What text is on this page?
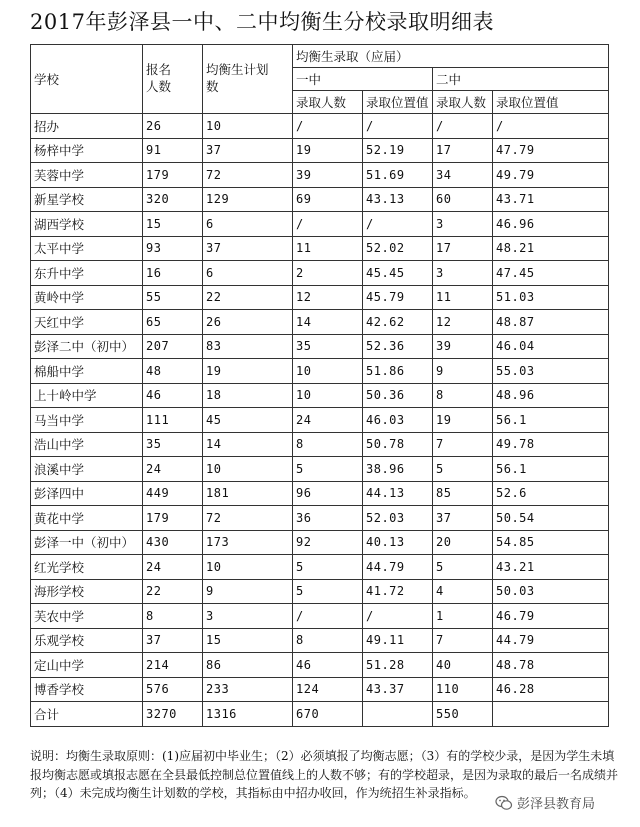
2017年彭泽县一中、二中均衡生分校录取明细表
学校	报名人数	均衡生计划数	均衡生录取（应届）			
			一中		二中	
			录取人数	录取位置值	录取人数	录取位置值
招办	26	10	/	/	/	/
杨梓中学	91	37	19	52.19	17	47.79
芙蓉中学	179	72	39	51.69	34	49.79
新星学校	320	129	69	43.13	60	43.71
湖西学校	15	6	/	/	3	46.96
太平中学	93	37	11	52.02	17	48.21
东升中学	16	6	2	45.45	3	47.45
黄岭中学	55	22	12	45.79	11	51.03
天红中学	65	26	14	42.62	12	48.87
彭泽二中（初中）	207	83	35	52.36	39	46.04
棉船中学	48	19	10	51.86	9	55.03
上十岭中学	46	18	10	50.36	8	48.96
马当中学	111	45	24	46.03	19	56.1
浩山中学	35	14	8	50.78	7	49.78
浪溪中学	24	10	5	38.96	5	56.1
彭泽四中	449	181	96	44.13	85	52.6
黄花中学	179	72	36	52.03	37	50.54
彭泽一中（初中）	430	173	92	40.13	20	54.85
红光学校	24	10	5	44.79	5	43.21
海形学校	22	9	5	41.72	4	50.03
芙农中学	8	3	/	/	1	46.79
乐观学校	37	15	8	49.11	7	44.79
定山中学	214	86	46	51.28	40	48.78
博香学校	576	233	124	43.37	110	46.28
合计	3270	1316	670		550	
说明：均衡生录取原则：(1)应届初中毕业生；（2）必须填报了均衡志愿；（3）有的学校少录，是因为学生未填报均衡志愿或填报志愿在全县最低控制总位置值线上的人数不够；有的学校超录，是因为录取的最后一名成绩并列；（4）未完成均衡生计划数的学校，其指标由中招办收回，作为统招生补录指标。
彭泽县教育局
